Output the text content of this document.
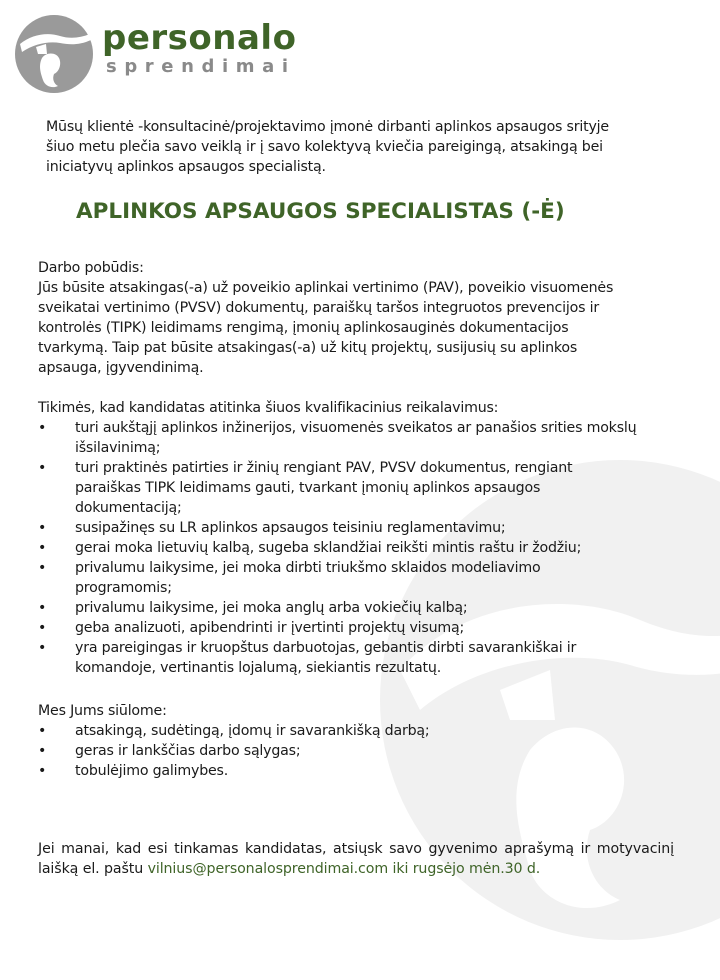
personalo
sprendimai

Mūsų klientė -konsultacinė/projektavimo įmonė dirbanti aplinkos apsaugos srityje šiuo metu plečia savo veiklą ir į savo kolektyvą kviečia pareigingą, atsakingą bei iniciatyvų aplinkos apsaugos specialistą.

APLINKOS APSAUGOS SPECIALISTAS (-Ė)
Darbo pobūdis:

Jūs būsite atsakingas(-a) už poveikio aplinkai vertinimo (PAV), poveikio visuomenės sveikatai vertinimo (PVSV) dokumentų, paraiškų taršos integruotos prevencijos ir kontrolės (TIPK) leidimams rengimą, įmonių aplinkosauginės dokumentacijos tvarkymą. Taip pat būsite atsakingas(-a) už kitų projektų, susijusių su aplinkos apsauga, įgyvendinimą.

Tikimės, kad kandidatas atitinka šiuos kvalifikacinius reikalavimus:
• turi aukštąjį aplinkos inžinerijos, visuomenės sveikatos ar panašios srities mokslų išsilavinimą;
• turi praktinės patirties ir žinių rengiant PAV, PVSV dokumentus, rengiant paraiškas TIPK leidimams gauti, tvarkant įmonių aplinkos apsaugos dokumentaciją;
• susipažinęs su LR aplinkos apsaugos teisiniu reglamentavimu;
• gerai moka lietuvių kalbą, sugeba sklandžiai reikšti mintis raštu ir žodžiu;
• privalumu laikysime, jei moka dirbti triukšmo sklaidos modeliavimo programomis;
• privalumu laikysime, jei moka anglų arba vokiečių kalbą;
• geba analizuoti, apibendrinti ir įvertinti projektų visumą;
• yra pareigingas ir kruopštus darbuotojas, gebantis dirbti savarankiškai ir komandoje, vertinantis lojalumą, siekiantis rezultatų.
Mes Jums siūlome:
• atsakingą, sudėtingą, įdomų ir savarankišką darbą;
• geras ir lankščias darbo sąlygas;
• tobulėjimo galimybes.

Jei manai, kad esi tinkamas kandidatas, atsiųsk savo gyvenimo aprašymą ir motyvacinį laišką el. paštu vilnius@personalosprendimai.com iki rugsėjo mėn.30 d.
